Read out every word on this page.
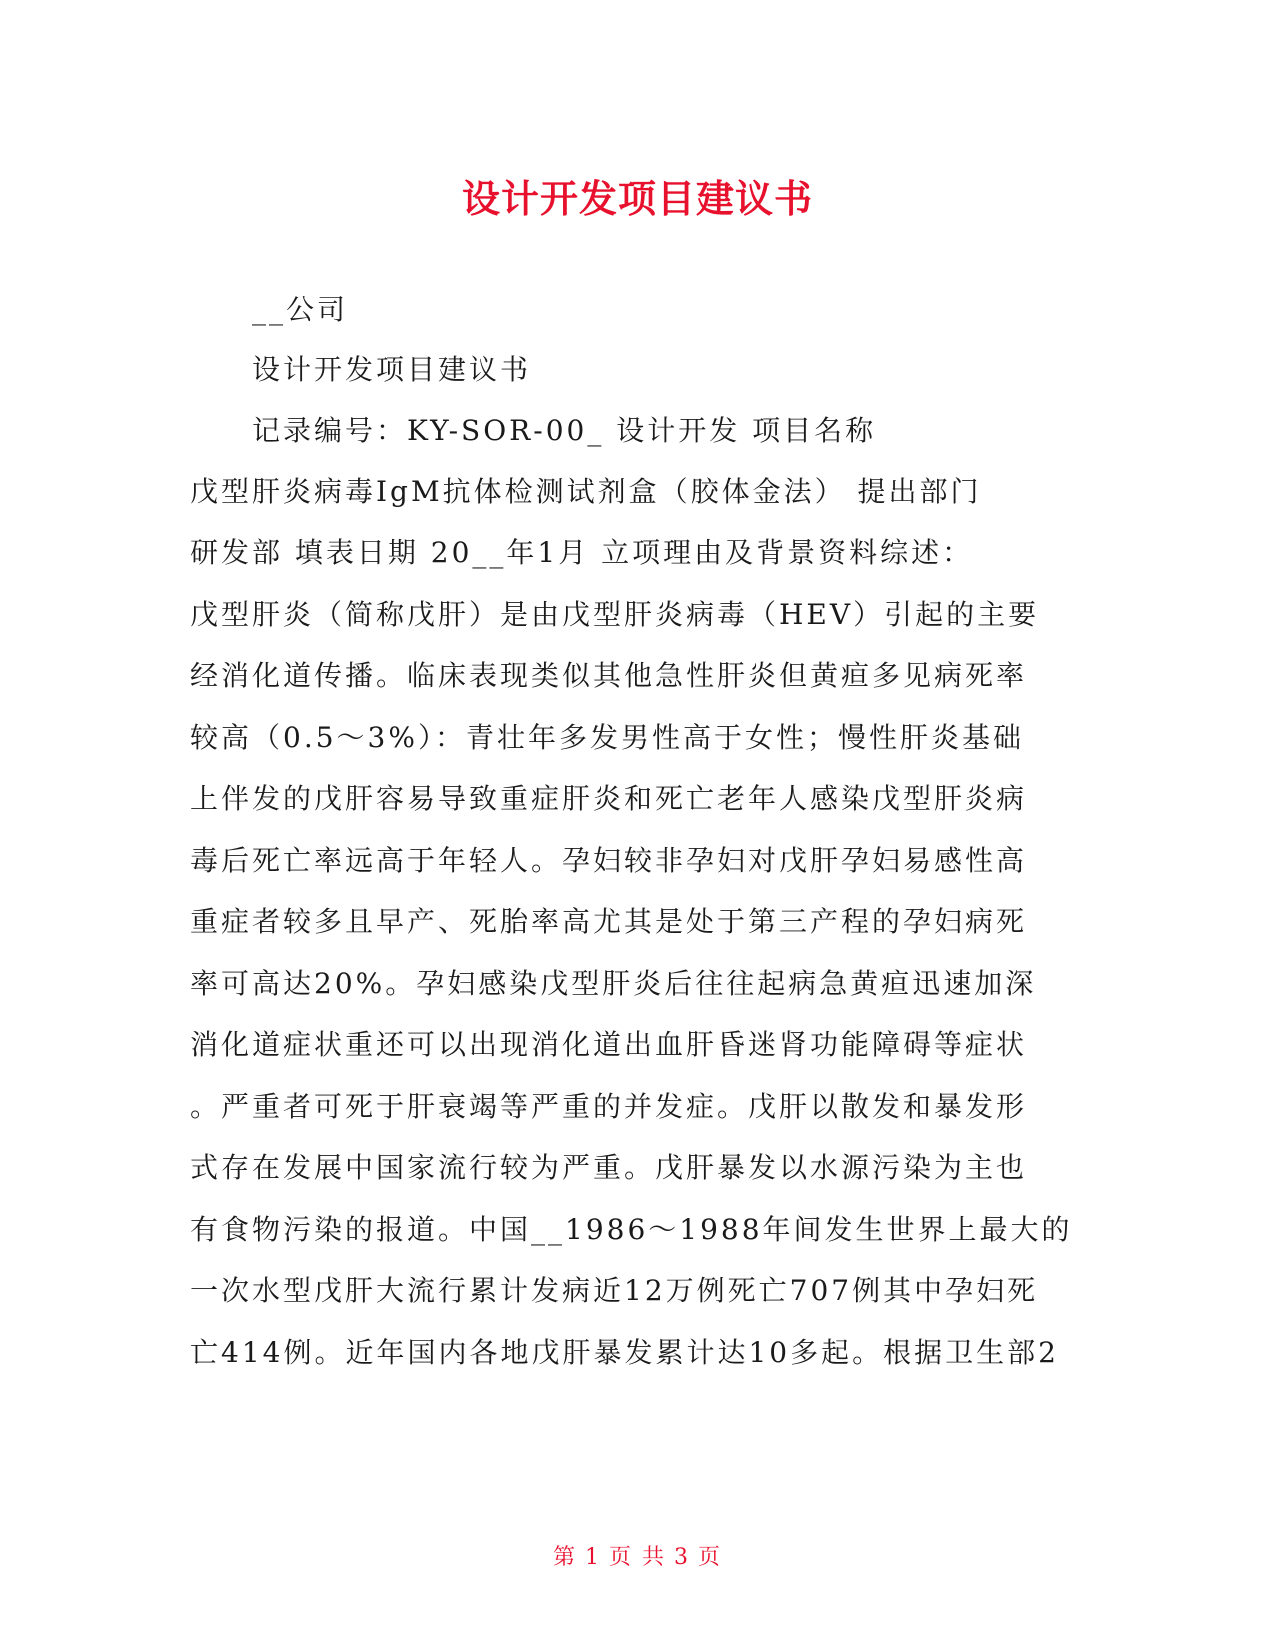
设计开发项目建议书
__公司
设计开发项目建议书
记录编号：KY-SOR-00_ 设计开发 项目名称
戊型肝炎病毒IgM抗体检测试剂盒（胶体金法） 提出部门
研发部 填表日期 20__年1月 立项理由及背景资料综述：
戊型肝炎（简称戊肝）是由戊型肝炎病毒（HEV）引起的主要
经消化道传播。临床表现类似其他急性肝炎但黄疸多见病死率
较高（0.5～3%）：青壮年多发男性高于女性；慢性肝炎基础
上伴发的戊肝容易导致重症肝炎和死亡老年人感染戊型肝炎病
毒后死亡率远高于年轻人。孕妇较非孕妇对戊肝孕妇易感性高
重症者较多且早产、死胎率高尤其是处于第三产程的孕妇病死
率可高达20%。孕妇感染戊型肝炎后往往起病急黄疸迅速加深
消化道症状重还可以出现消化道出血肝昏迷肾功能障碍等症状
。严重者可死于肝衰竭等严重的并发症。戊肝以散发和暴发形
式存在发展中国家流行较为严重。戊肝暴发以水源污染为主也
有食物污染的报道。中国__1986～1988年间发生世界上最大的
一次水型戊肝大流行累计发病近12万例死亡707例其中孕妇死
亡414例。近年国内各地戊肝暴发累计达10多起。根据卫生部2
第 1 页 共 3 页
